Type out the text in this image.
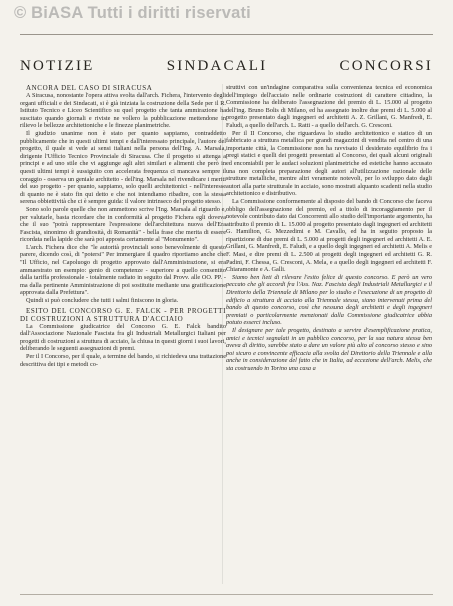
© BiASA Tutti i diritti riservati
NOTIZIE	SINDACALI	CONCORSI

ANCORA DEL CASO DI SIRACUSA

A Siracusa, nonostante l'opera attiva svolta dall'arch. Fichera, l'intervento degli organi ufficiali e dei Sindacati, si è già iniziata la costruzione della Sede per il R. Istituto Tecnico e Liceo Scientifico su quel progetto che tanta ammirazione ha suscitato quando giornali e riviste ne vollero la pubblicazione mettendone in rilievo le bellezze architettoniche e le finezze planimetriche.

Il giudizio unanime non è stato per quanto sappiamo, contraddetto pubblicamente che in questi ultimi tempi e dall'interessato principale, l'autore del progetto, il quale si vede ai sensi italiani nella persona dell'Ing. A. Marsala, dirigente l'Ufficio Tecnico Provinciale di Siracusa. Che il progetto si attenga a principi e ad uno stile che vi aggiunge agli altri similari e alimenti che però in questi ultimi tempi è sussiguito con accelerata frequenza ci mancava sempre il coraggio - osserva un geniale architetto - dell'ing. Marsala nel rivendicare i meriti del suo progetto - per quanto, sappiamo, solo quelli architettonici - nell'interesse di quanto ne è stato fin qui detto e che noi intendiamo ribadire, con la stessa serena obbiettività che ci è sempre guida: il valore intrinseco del progetto stesso.

Sono solo parole quelle che non ammettono scrive l'Ing. Marsala al riguardo e, per valutarle, basta ricordare che in conformità al progetto Fichera egli doveva che il suo "potrà rappresentare l'espressione dell'architettura nuova dell'Era Fascista, sinonimo di grandiosità, di Romanità" - bella frase che merita di essere ricordata nella lapide che sarà poi apposta certamente al "Monumento".

L'arch. Fichera dice che "le autorità provinciali sono benevolmente di questo parere, dicendo così, di "potersi" Per immergiare il quadro riportiamo anche che "Il Ufficio, nel Capoluogo di progetto approvato dall'Amministrazione, si era ammaestrato un esempio: genio di competenze - superiore a quello consentito dalla tariffa professionale - totalmente radiato in seguito dal Provv. alle OO. PP. - ma dalla pertinente Amministrazione di poi sostituite mediante una gratificazione approvata dalla Prefettura".

Quindi si può concludere che tutti i salmi finiscono in gloria.

ESITO DEL CONCORSO G. E. FALCK - PER PROGETTI DI COSTRUZIONI A STRUTTURA D'ACCIAIO

La Commissione giudicatrice del Concorso G. E. Falck bandito dall'Associazione Nazionale Fascista fra gli Industriali Metallurgici Italiani per progetti di costruzioni a struttura di acciaio, la chiusa in questi giorni i suoi lavori, deliberando le seguenti assegnazioni di premi.

Per il I Concorso, per il quale, a termine del bando, si richiedeva una trattazione descrittiva dei tipi e metodi co-

struttivi con un'indagine comparativa sulla convenienza tecnica ed economica dell'impiego dell'acciaio nelle ordinarie costruzioni di carattere cittadino, la Commissione ha deliberato l'assegnazione del premio di L. 15.000 al progetto dell'ing. Bruno Bolis di Milano, ed ha assegnato inoltre due premi di L. 5.000 al progetto presentato dagli ingegneri ed architetti A. Z. Grillani, G. Manfredi, E. Faludi, a quello dell'arch. L. Ratti - a quello dell'arch. G. Cresconi.

Per il II Concorso, che riguardava lo studio architettonico e statico di un fabbricato a struttura metallica per grandi magazzini di vendita nel centro di una importante città, la Commissione non ha ravvisato il desiderato equilibrio fra i pregi statici e quelli dei progetti presentati al Concorso, dei quali alcuni originali ed encomiabili per le audaci soluzioni planimetriche ed estetiche hanno accusato una non completa preparazione degli autori all'utilizzazione razionale delle strutture metalliche, mentre altri veramente notevoli, per lo sviluppo dato dagli autori alla parte strutturale in acciaio, sono mostrati alquanto scadenti nella studio architettonico e distributivo.

La Commissione conformemente al disposto del bando di Concorso che faceva obbligo dell'assegnazione del premio, ed a titolo di incoraggiamento per il notevole contributo dato dai Concorrenti allo studio dell'importante argomento, ha attribuito il premio di L. 15.000 al progetto presentato dagli ingegneri ed architetti G. Hamilton, G. Mezzedimi e M. Cavallo, ed ha in seguito proposto la ripartizione di due premi di L. 5.000 ai progetti degli ingegneri ed architetti A. E. Grillani, G. Manfredi, E. Faludi, e a quello degli ingegneri ed architetti A. Melis e F. Masi, e dire premi di L. 2.500 ai progetti degli ingegneri ed architetti G. R. Padini, F. Chessa, G. Cresconi, A. Mela, e a quello degli ingegneri ed architetti F. Chiaramonte e A. Galli.

Siamo ben lieti di rilevare l'esito felice di questo concorso. E però un vero peccato che gli accordi fra l'Ass. Naz. Fascista degli Industriali Metallurgici e il Direttorio della Triennale di Milano per lo studio e l'esecuzione di un progetto di edificio a struttura di acciaio alla Triennale stessa, siano intervenuti prima del bando di questo concorso, così che nessuna degli architetti e degli ingegneri premiati o particolarmente menzionati dalla Commissione giudicatrice abbia potuto esserci incluso.

Il designare per tale progetto, destinato a servire d'esemplificazione pratica, amici e tecnici segnalati in un pubblico concorso, per la sua natura stessa ben aveva di diritto, sarebbe stato a dare un valore più alto al concorso stesso e sino poi sicuro e convincente efficacia alla svolta del Direttorio della Triennale e alla anche in considerazione del fatto che in Italia, ad eccezione dell'arch. Melis, che sta costruendo in Torino una casa a
